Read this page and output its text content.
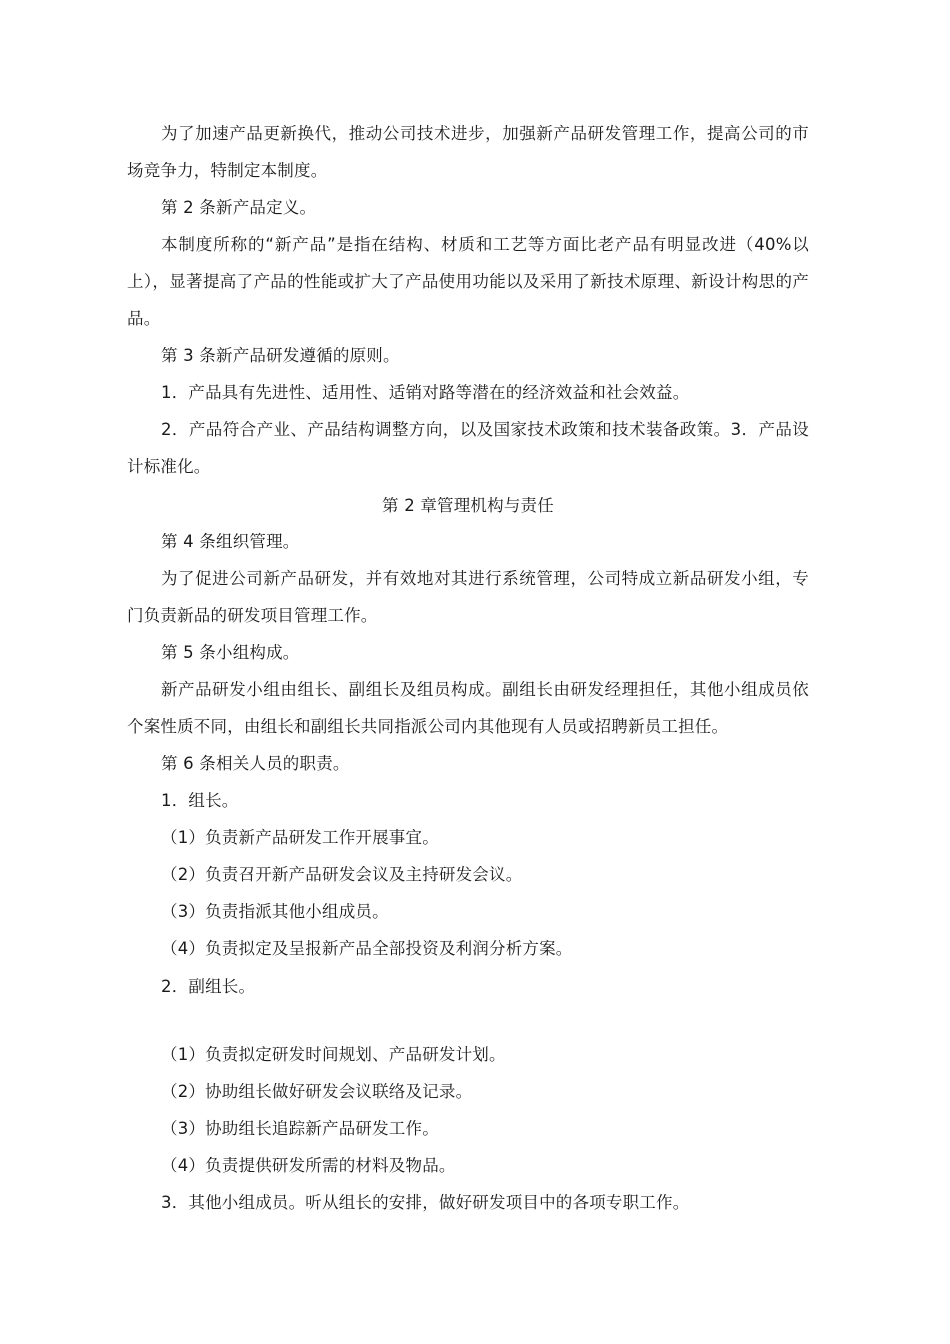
为了加速产品更新换代，推动公司技术进步，加强新产品研发管理工作，提高公司的市场竞争力，特制定本制度。

第 2 条新产品定义。

本制度所称的“新产品”是指在结构、材质和工艺等方面比老产品有明显改进（40%以上），显著提高了产品的性能或扩大了产品使用功能以及采用了新技术原理、新设计构思的产品。

第 3 条新产品研发遵循的原则。

1．产品具有先进性、适用性、适销对路等潜在的经济效益和社会效益。

2．产品符合产业、产品结构调整方向，以及国家技术政策和技术装备政策。3．产品设计标准化。

第 2 章管理机构与责任

第 4 条组织管理。

为了促进公司新产品研发，并有效地对其进行系统管理，公司特成立新品研发小组，专门负责新品的研发项目管理工作。

第 5 条小组构成。

新产品研发小组由组长、副组长及组员构成。副组长由研发经理担任，其他小组成员依个案性质不同，由组长和副组长共同指派公司内其他现有人员或招聘新员工担任。

第 6 条相关人员的职责。

1．组长。

（1）负责新产品研发工作开展事宜。

（2）负责召开新产品研发会议及主持研发会议。

（3）负责指派其他小组成员。

（4）负责拟定及呈报新产品全部投资及利润分析方案。

2．副组长。

（1）负责拟定研发时间规划、产品研发计划。

（2）协助组长做好研发会议联络及记录。

（3）协助组长追踪新产品研发工作。

（4）负责提供研发所需的材料及物品。

3．其他小组成员。听从组长的安排，做好研发项目中的各项专职工作。
